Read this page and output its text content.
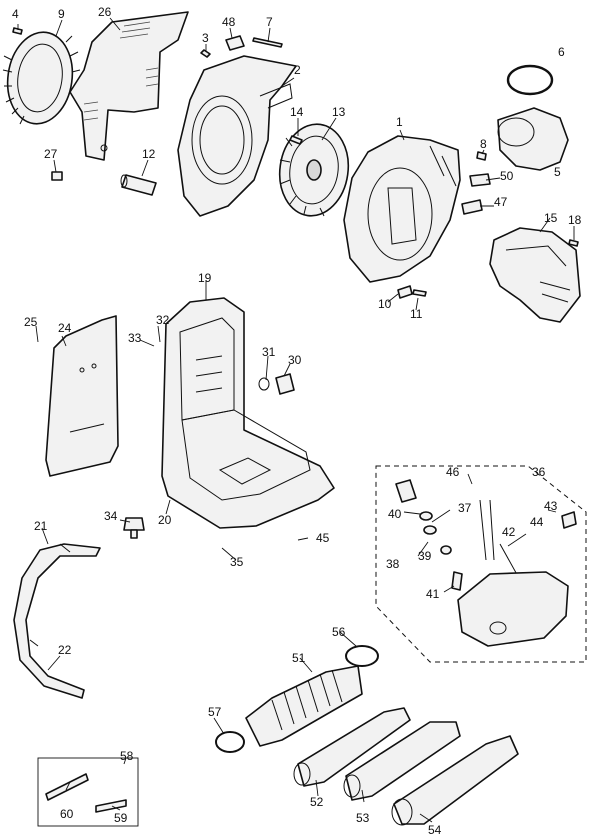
4	9	26
48	7
3
2
6
14 13
1
8
12
27
5
50
47
15 18
19
10
11
25 24
32
33
31
30
46	36
40	37	43
44
42
39
38
41
34	20
21
35
45
56
22
51
57
58
60	59
52
53
54
